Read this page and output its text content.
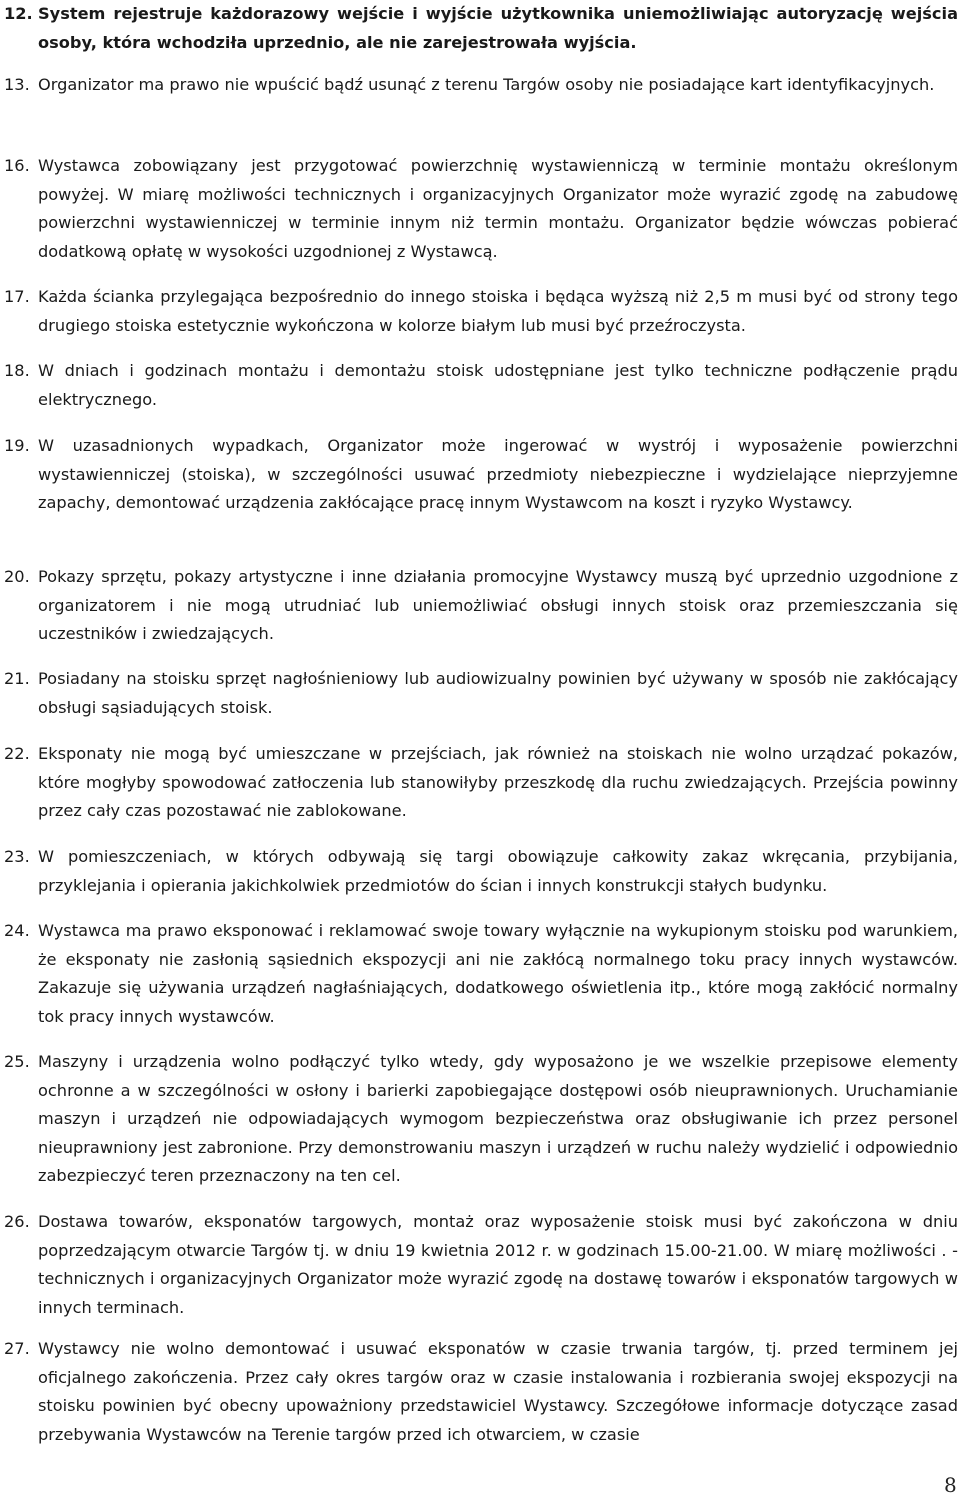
12. System rejestruje każdorazowy wejście i wyjście użytkownika uniemożliwiając autoryzację wejścia osoby, która wchodziła uprzednio, ale nie zarejestrowała wyjścia.
13. Organizator ma prawo nie wpuścić bądź usunąć z terenu Targów osoby nie posiadające kart identyfikacyjnych.
16. Wystawca zobowiązany jest przygotować powierzchnię wystawienniczą w terminie montażu określonym powyżej. W miarę możliwości technicznych i organizacyjnych Organizator może wyrazić zgodę na zabudowę powierzchni wystawienniczej w terminie innym niż termin montażu. Organizator będzie wówczas pobierać dodatkową opłatę w wysokości uzgodnionej z Wystawcą.
17. Każda ścianka przylegająca bezpośrednio do innego stoiska i będąca wyższą niż 2,5 m musi być od strony tego drugiego stoiska estetycznie wykończona w kolorze białym lub musi być przeźroczysta.
18. W dniach i godzinach montażu i demontażu stoisk udostępniane jest tylko techniczne podłączenie prądu elektrycznego.
19. W uzasadnionych wypadkach, Organizator może ingerować w wystrój i wyposażenie powierzchni wystawienniczej (stoiska), w szczególności usuwać przedmioty niebezpieczne i wydzielające nieprzyjemne zapachy, demontować urządzenia zakłócające pracę innym Wystawcom na koszt i ryzyko Wystawcy.
20. Pokazy sprzętu, pokazy artystyczne i inne działania promocyjne Wystawcy muszą być uprzednio uzgodnione z organizatorem i nie mogą utrudniać lub uniemożliwiać obsługi innych stoisk oraz przemieszczania się uczestników i zwiedzających.
21. Posiadany na stoisku sprzęt nagłośnieniowy lub audiowizualny powinien być używany w sposób nie zakłócający obsługi sąsiadujących stoisk.
22. Eksponaty nie mogą być umieszczane w przejściach, jak również na stoiskach nie wolno urządzać pokazów, które mogłyby spowodować zatłoczenia lub stanowiłyby przeszkodę dla ruchu zwiedzających. Przejścia powinny przez cały czas pozostawać nie zablokowane.
23. W pomieszczeniach, w których odbywają się targi obowiązuje całkowity zakaz wkręcania, przybijania, przyklejania i opierania jakichkolwiek przedmiotów do ścian i innych konstrukcji stałych budynku.
24. Wystawca ma prawo eksponować i reklamować swoje towary wyłącznie na wykupionym stoisku pod warunkiem, że eksponaty nie zasłonią sąsiednich ekspozycji ani nie zakłócą normalnego toku pracy innych wystawców. Zakazuje się używania urządzeń nagłaśniających, dodatkowego oświetlenia itp., które mogą zakłócić normalny tok pracy innych wystawców.
25. Maszyny i urządzenia wolno podłączyć tylko wtedy, gdy wyposażono je we wszelkie przepisowe elementy ochronne a w szczególności w osłony i barierki zapobiegające dostępowi osób nieuprawnionych. Uruchamianie maszyn i urządzeń nie odpowiadających wymogom bezpieczeństwa oraz obsługiwanie ich przez personel nieuprawniony jest zabronione. Przy demonstrowaniu maszyn i urządzeń w ruchu należy wydzielić i odpowiednio zabezpieczyć teren przeznaczony na ten cel.
26. Dostawa towarów, eksponatów targowych, montaż oraz wyposażenie stoisk musi być zakończona w dniu poprzedzającym otwarcie Targów tj. w dniu 19 kwietnia 2012 r. w godzinach 15.00-21.00. W miarę możliwości . -technicznych i organizacyjnych Organizator może wyrazić zgodę na dostawę towarów i eksponatów targowych w innych terminach.
27. Wystawcy nie wolno demontować i usuwać eksponatów w czasie trwania targów, tj. przed terminem jej oficjalnego zakończenia. Przez cały okres targów oraz w czasie instalowania i rozbierania swojej ekspozycji na stoisku powinien być obecny upoważniony przedstawiciel Wystawcy. Szczegółowe informacje dotyczące zasad przebywania Wystawców na Terenie targów przed ich otwarciem, w czasie
8
